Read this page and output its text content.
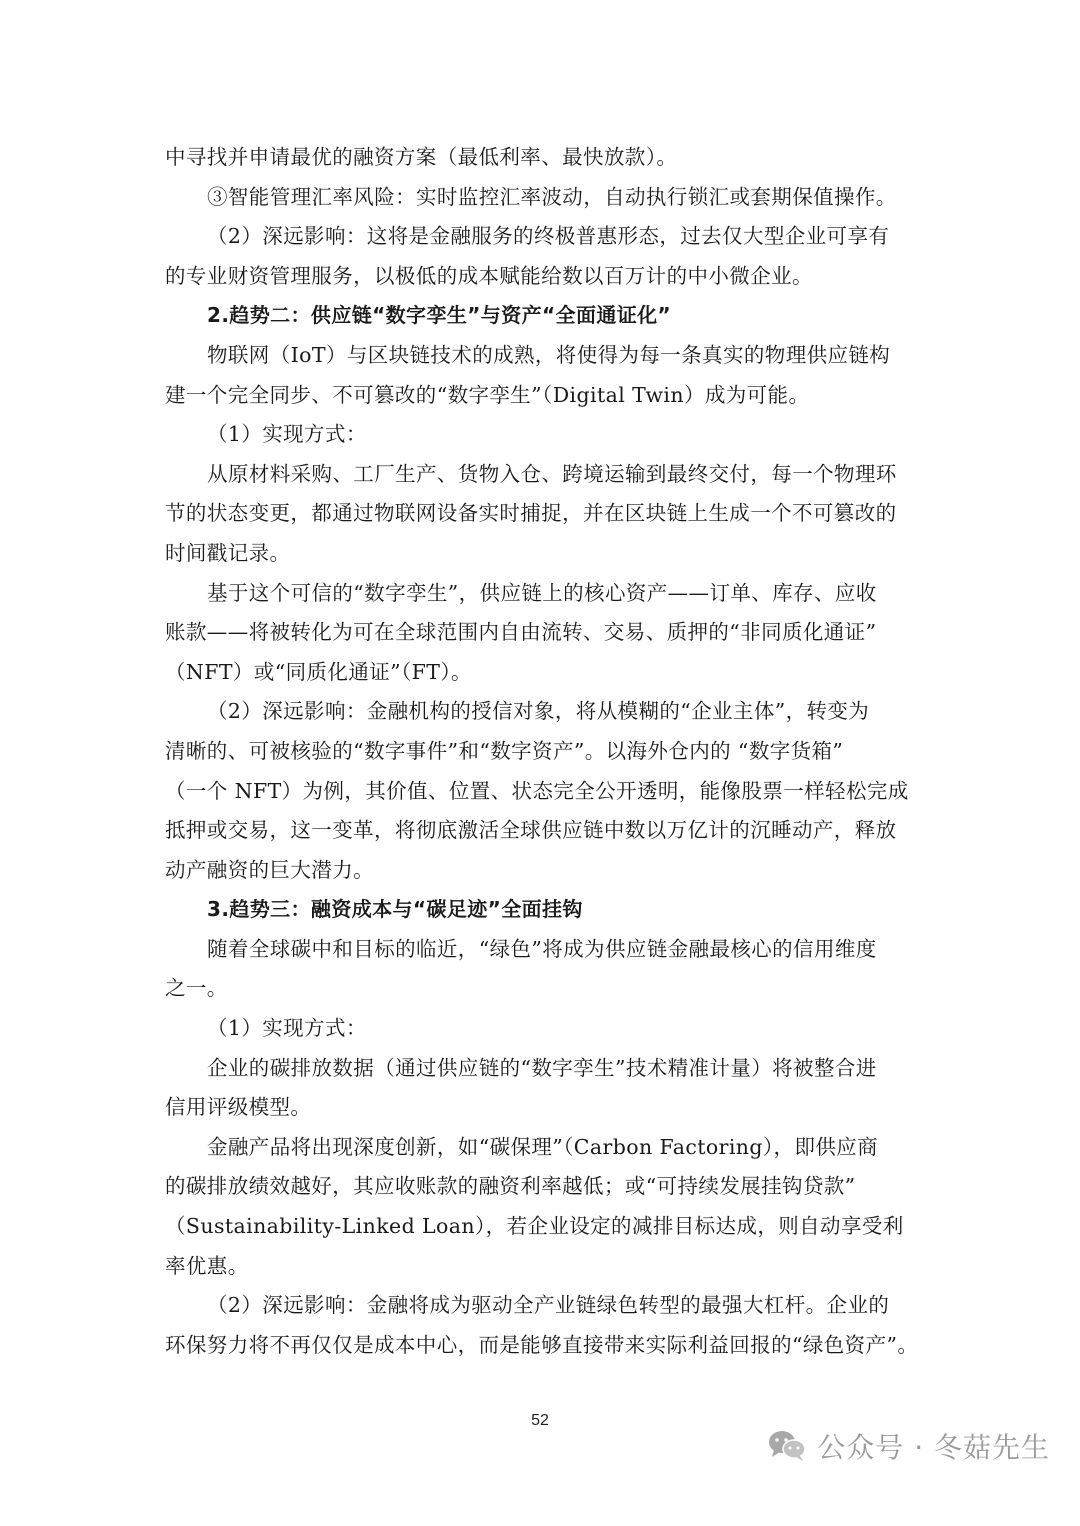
中寻找并申请最优的融资方案（最低利率、最快放款）。

③智能管理汇率风险：实时监控汇率波动，自动执行锁汇或套期保值操作。

（2）深远影响：这将是金融服务的终极普惠形态，过去仅大型企业可享有

的专业财资管理服务，以极低的成本赋能给数以百万计的中小微企业。

2.趋势二：供应链“数字孪生”与资产“全面通证化”

物联网（IoT）与区块链技术的成熟，将使得为每一条真实的物理供应链构

建一个完全同步、不可篡改的“数字孪生”（Digital Twin）成为可能。

（1）实现方式：

从原材料采购、工厂生产、货物入仓、跨境运输到最终交付，每一个物理环

节的状态变更，都通过物联网设备实时捕捉，并在区块链上生成一个不可篡改的

时间戳记录。

基于这个可信的“数字孪生”，供应链上的核心资产——订单、库存、应收

账款——将被转化为可在全球范围内自由流转、交易、质押的“非同质化通证”

（NFT）或“同质化通证”（FT）。

（2）深远影响：金融机构的授信对象，将从模糊的“企业主体”，转变为

清晰的、可被核验的“数字事件”和“数字资产”。以海外仓内的 “数字货箱”

（一个 NFT）为例，其价值、位置、状态完全公开透明，能像股票一样轻松完成

抵押或交易，这一变革，将彻底激活全球供应链中数以万亿计的沉睡动产，释放

动产融资的巨大潜力。

3.趋势三：融资成本与“碳足迹”全面挂钩

随着全球碳中和目标的临近，“绿色”将成为供应链金融最核心的信用维度

之一。

（1）实现方式：

企业的碳排放数据（通过供应链的“数字孪生”技术精准计量）将被整合进

信用评级模型。

金融产品将出现深度创新，如“碳保理”（Carbon Factoring），即供应商

的碳排放绩效越好，其应收账款的融资利率越低；或“可持续发展挂钩贷款”

（Sustainability-Linked Loan），若企业设定的减排目标达成，则自动享受利

率优惠。

（2）深远影响：金融将成为驱动全产业链绿色转型的最强大杠杆。企业的

环保努力将不再仅仅是成本中心，而是能够直接带来实际利益回报的“绿色资产”。

52
公众号 · 冬菇先生
